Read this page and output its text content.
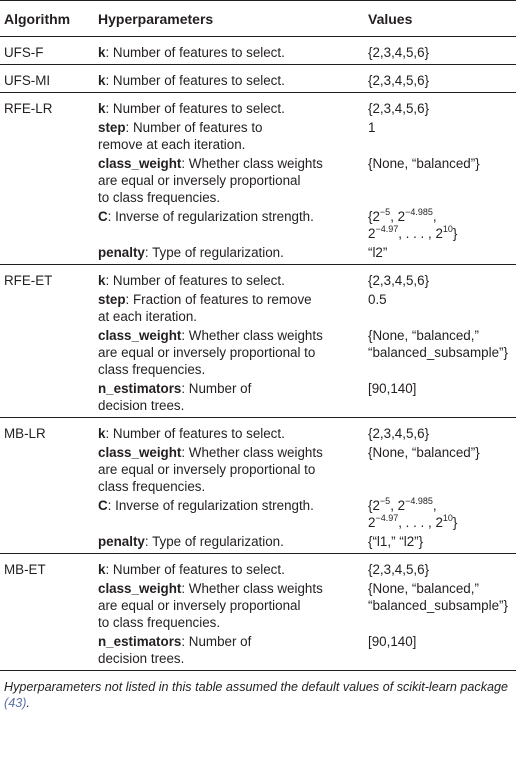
Algorithm	Hyperparameters	Values
UFS-F	k: Number of features to select.	{2,3,4,5,6}
UFS-MI	k: Number of features to select.	{2,3,4,5,6}
RFE-LR	k: Number of features to select.	{2,3,4,5,6}
	step: Number of features to
remove at each iteration.	1
	class_weight: Whether class weights
are equal or inversely proportional
to class frequencies.	{None, “balanced”}
	C: Inverse of regularization strength.	{$2^{-5}$, $2^{-4.985}$,
$2^{-4.97}$, . . . , $2^{10}$}
	penalty: Type of regularization.	“l2”
RFE-ET	k: Number of features to select.	{2,3,4,5,6}
	step: Fraction of features to remove
at each iteration.	0.5
	class_weight: Whether class weights
are equal or inversely proportional to
class frequencies.	{None, “balanced,”
“balanced_subsample”}
	n_estimators: Number of
decision trees.	[90,140]
MB-LR	k: Number of features to select.	{2,3,4,5,6}
	class_weight: Whether class weights
are equal or inversely proportional to
class frequencies.	{None, “balanced”}
	C: Inverse of regularization strength.	{$2^{-5}$, $2^{-4.985}$,
$2^{-4.97}$, . . . , $2^{10}$}
	penalty: Type of regularization.	{“l1,” “l2”}
MB-ET	k: Number of features to select.	{2,3,4,5,6}
	class_weight: Whether class weights
are equal or inversely proportional
to class frequencies.	{None, “balanced,”
“balanced_subsample”}
	n_estimators: Number of
decision trees.	[90,140]
Hyperparameters not listed in this table assumed the default values of scikit-learn package (43).
